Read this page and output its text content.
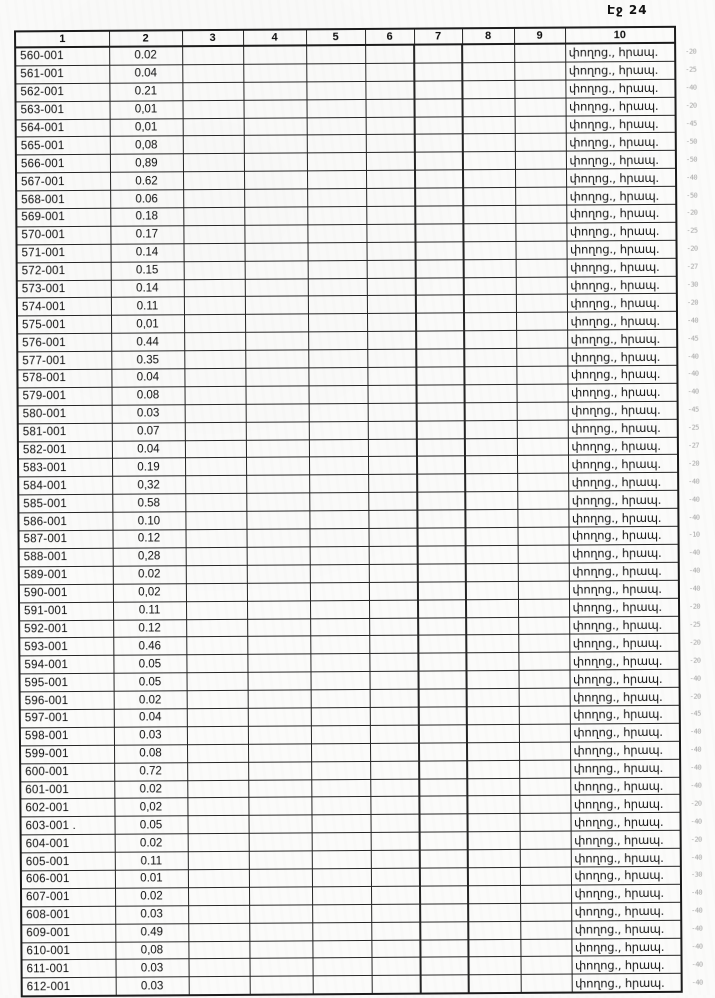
Էջ 24
1	2	3	4	5	6	7	8	9	10	
560-001	0.02								փողոց., հրապ.	-20
561-001	0.04								փողոց., հրապ.	-25
562-001	0.21								փողոց., հրապ.	-40
563-001	0,01								փողոց., հրապ.	-20
564-001	0,01								փողոց., հրապ.	-45
565-001	0,08								փողոց., հրապ.	-50
566-001	0,89								փողոց., հրապ.	-50
567-001	0.62								փողոց., հրապ.	-40
568-001	0.06								փողոց., հրապ.	-50
569-001	0.18								փողոց., հրապ.	-20
570-001	0.17								փողոց., հրապ.	-25
571-001	0.14								փողոց., հրապ.	-20
572-001	0.15								փողոց., հրապ.	-27
573-001	0.14								փողոց., հրապ.	-30
574-001	0.11								փողոց., հրապ.	-20
575-001	0,01								փողոց., հրապ.	-40
576-001	0.44								փողոց., հրապ.	-45
577-001	0.35								փողոց., հրապ.	-40
578-001	0.04								փողոց., հրապ.	-40
579-001	0.08								փողոց., հրապ.	-40
580-001	0.03								փողոց., հրապ.	-45
581-001	0.07								փողոց., հրապ.	-25
582-001	0.04								փողոց., հրապ.	-27
583-001	0.19								փողոց., հրապ.	-20
584-001	0,32								փողոց., հրապ.	-40
585-001	0.58								փողոց., հրապ.	-40
586-001	0.10								փողոց., հրապ.	-40
587-001	0.12								փողոց., հրապ.	-10
588-001	0,28								փողոց., հրապ.	-40
589-001	0.02								փողոց., հրապ.	-40
590-001	0,02								փողոց., հրապ.	-40
591-001	0.11								փողոց., հրապ.	-20
592-001	0.12								փողոց., հրապ.	-25
593-001	0.46								փողոց., հրապ.	-20
594-001	0.05								փողոց., հրապ.	-20
595-001	0.05								փողոց., հրապ.	-40
596-001	0.02								փողոց., հրապ.	-20
597-001	0.04								փողոց., հրապ.	-45
598-001	0.03								փողոց., հրապ.	-40
599-001	0.08								փողոց., հրապ.	-40
600-001	0.72								փողոց., հրապ.	-40
601-001	0.02								փողոց., հրապ.	-40
602-001	0,02								փողոց., հրապ.	-20
603-001 .	0.05								փողոց., հրապ.	-40
604-001	0.02								փողոց., հրապ.	-20
605-001	0.11								փողոց., հրապ.	-40
606-001	0.01								փողոց., հրապ.	-30
607-001	0.02								փողոց., հրապ.	-40
608-001	0.03								փողոց., հրապ.	-40
609-001	0.49								փողոց., հրապ.	-40
610-001	0,08								փողոց., հրապ.	-40
611-001	0.03								փողոց., հրապ.	-40
612-001	0.03								փողոց., հրապ.	-40
